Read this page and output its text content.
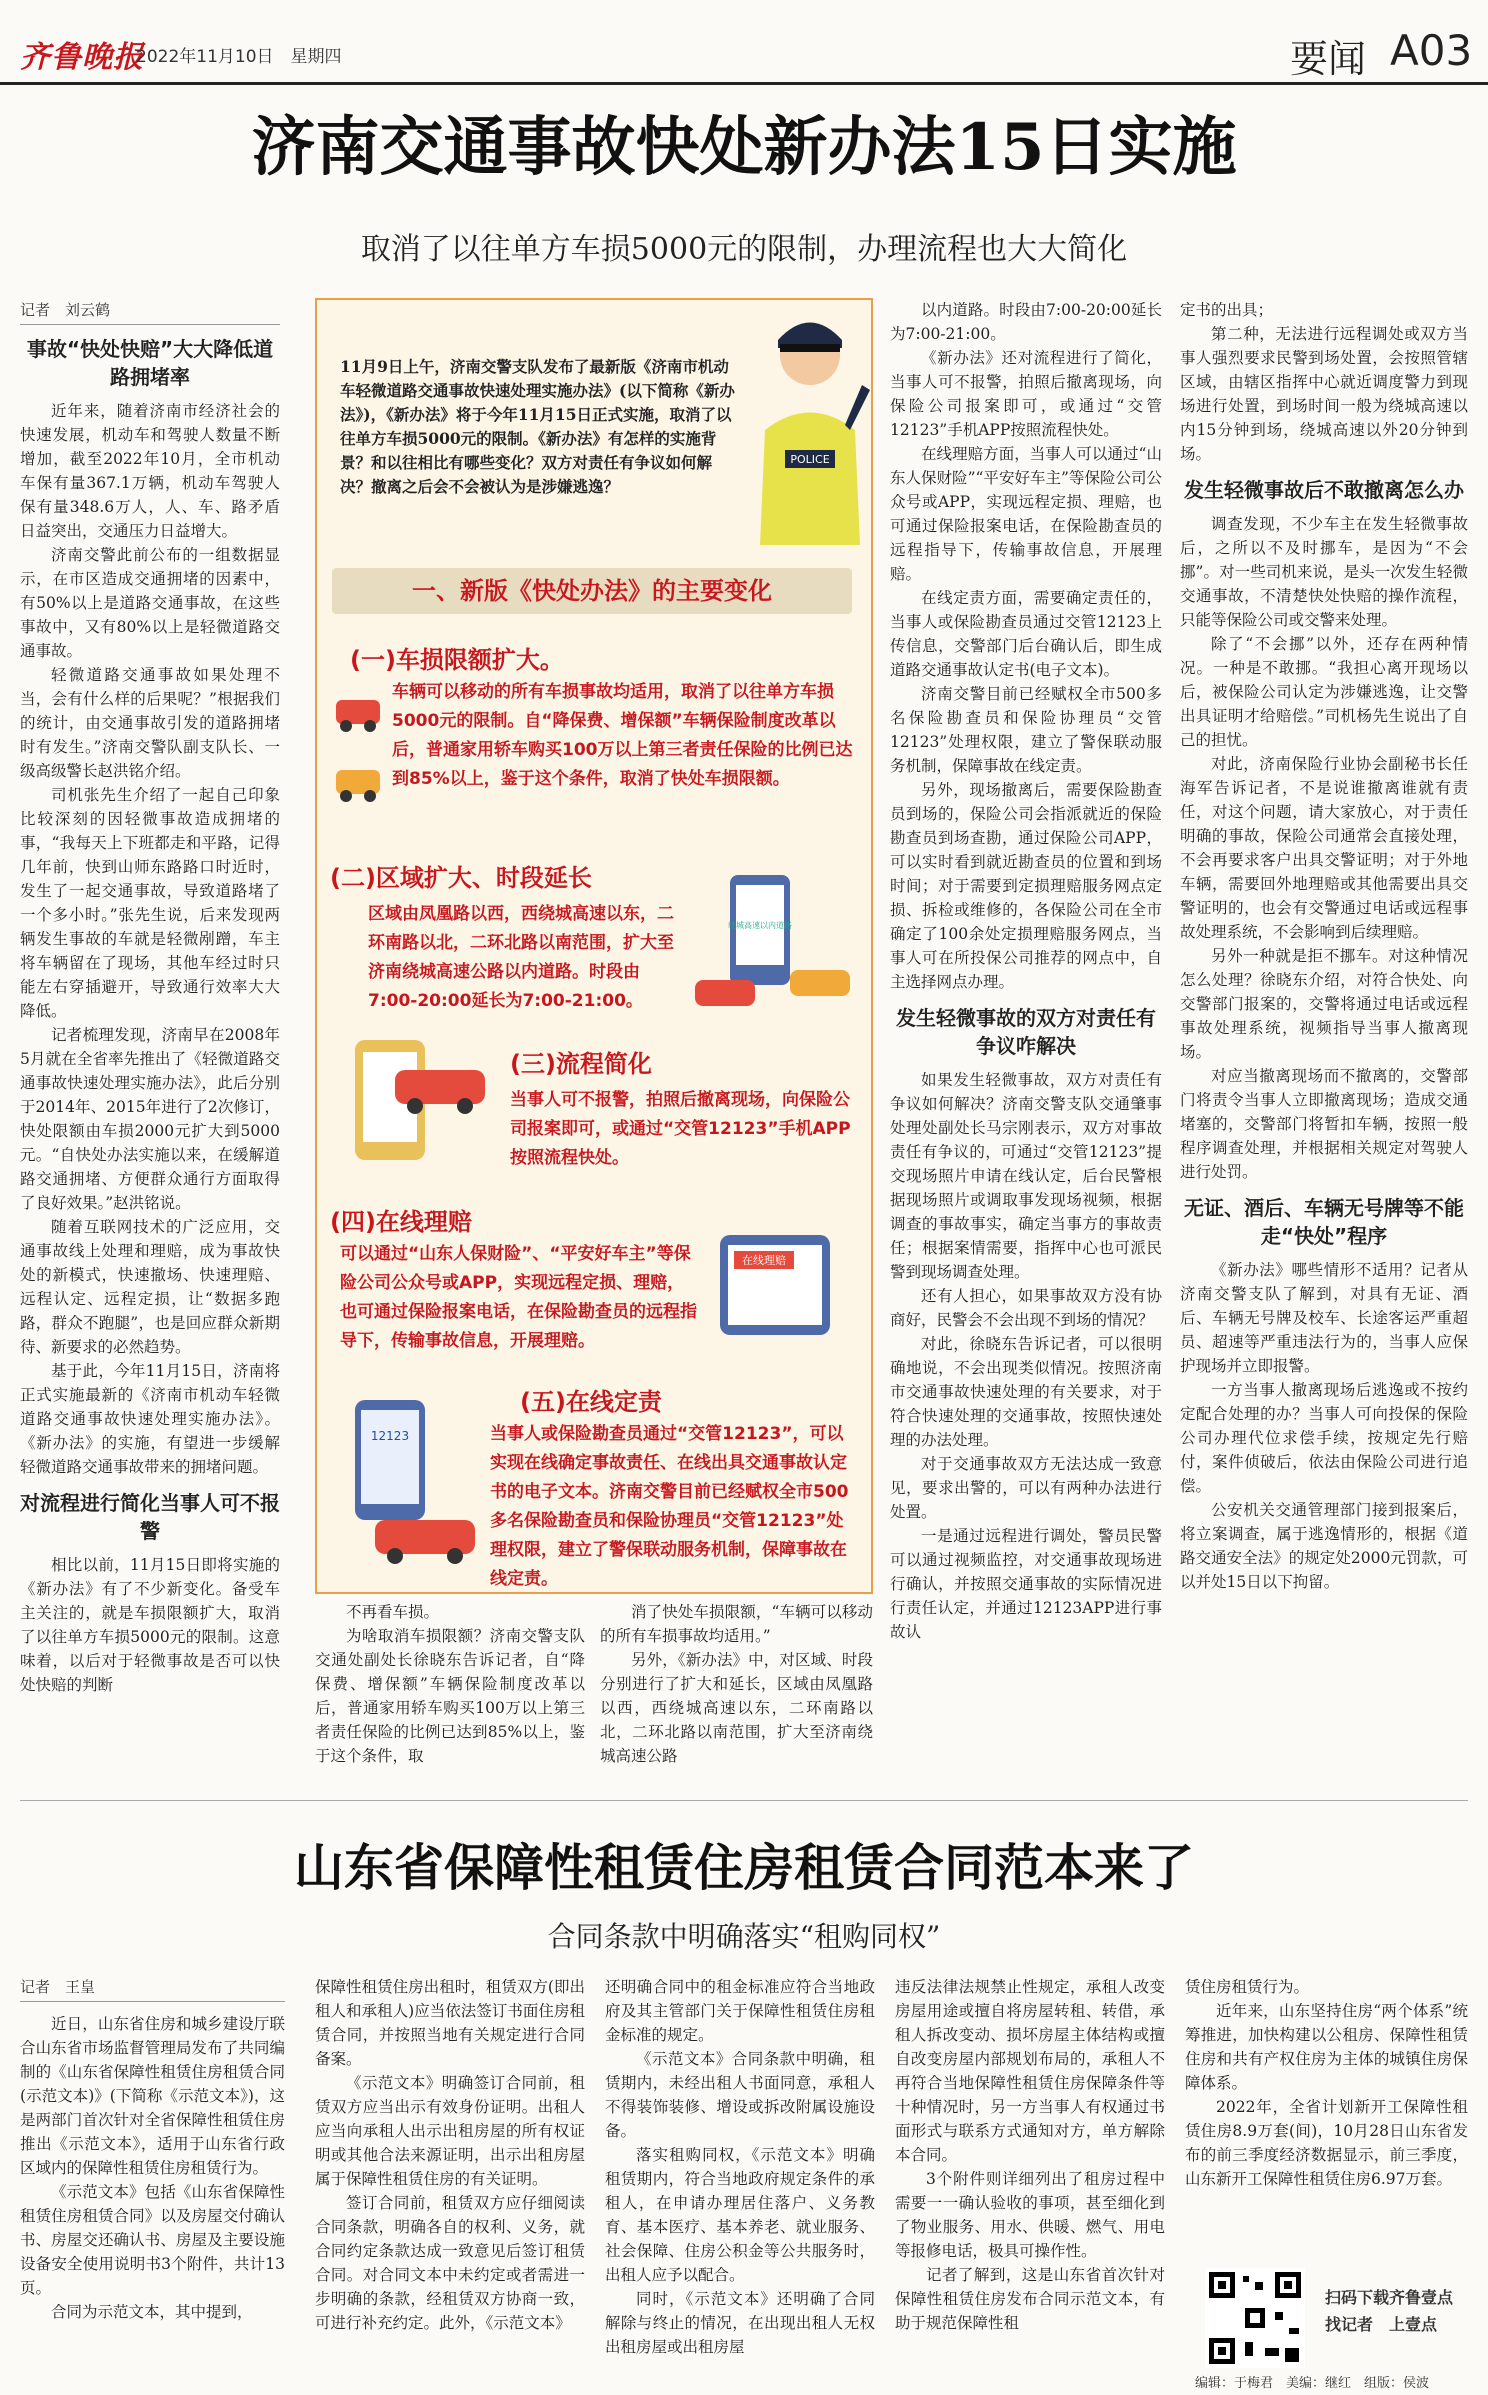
齐鲁晚报
2022年11月10日　星期四	要闻 A03
济南交通事故快处新办法15日实施
取消了以往单方车损5000元的限制，办理流程也大大简化
记者　刘云鹤
事故“快处快赔”大大降低道路拥堵率

近年来，随着济南市经济社会的快速发展，机动车和驾驶人数量不断增加，截至2022年10月，全市机动车保有量367.1万辆，机动车驾驶人保有量348.6万人，人、车、路矛盾日益突出，交通压力日益增大。

济南交警此前公布的一组数据显示，在市区造成交通拥堵的因素中，有50%以上是道路交通事故，在这些事故中，又有80%以上是轻微道路交通事故。

轻微道路交通事故如果处理不当，会有什么样的后果呢？”根据我们的统计，由交通事故引发的道路拥堵时有发生。”济南交警队副支队长、一级高级警长赵洪铭介绍。

司机张先生介绍了一起自己印象比较深刻的因轻微事故造成拥堵的事，“我每天上下班都走和平路，记得几年前，快到山师东路路口时近时，发生了一起交通事故，导致道路堵了一个多小时。”张先生说，后来发现两辆发生事故的车就是轻微剐蹭，车主将车辆留在了现场，其他车经过时只能左右穿插避开，导致通行效率大大降低。

记者梳理发现，济南早在2008年5月就在全省率先推出了《轻微道路交通事故快速处理实施办法》，此后分别于2014年、2015年进行了2次修订，快处限额由车损2000元扩大到5000元。“自快处办法实施以来，在缓解道路交通拥堵、方便群众通行方面取得了良好效果。”赵洪铭说。

随着互联网技术的广泛应用，交通事故线上处理和理赔，成为事故快处的新模式，快速撤场、快速理赔、远程认定、远程定损，让“数据多跑路，群众不跑腿”，也是回应群众新期待、新要求的必然趋势。

基于此，今年11月15日，济南将正式实施最新的《济南市机动车轻微道路交通事故快速处理实施办法》。《新办法》的实施，有望进一步缓解轻微道路交通事故带来的拥堵问题。

对流程进行简化当事人可不报警

相比以前，11月15日即将实施的《新办法》有了不少新变化。备受车主关注的，就是车损限额扩大，取消了以往单方车损5000元的限制。这意味着，以后对于轻微事故是否可以快处快赔的判断

11月9日上午，济南交警支队发布了最新版《济南市机动车轻微道路交通事故快速处理实施办法》(以下简称《新办法》)，《新办法》将于今年11月15日正式实施，取消了以往单方车损5000元的限制。《新办法》有怎样的实施背景？和以往相比有哪些变化？双方对责任有争议如何解决？撤离之后会不会被认为是涉嫌逃逸？
POLICE
一、新版《快处办法》的主要变化
(一)车损限额扩大。
车辆可以移动的所有车损事故均适用，取消了以往单方车损5000元的限制。自“降保费、增保额”车辆保险制度改革以后，普通家用轿车购买100万以上第三者责任保险的比例已达到85%以上，鉴于这个条件，取消了快处车损限额。
(二)区域扩大、时段延长
区域由凤凰路以西，西绕城高速以东，二环南路以北，二环北路以南范围，扩大至济南绕城高速公路以内道路。时段由7:00-20:00延长为7:00-21:00。
绕城高速以内道路
(三)流程简化
当事人可不报警，拍照后撤离现场，向保险公司报案即可，或通过“交管12123”手机APP按照流程快处。
(四)在线理赔
可以通过“山东人保财险”、“平安好车主”等保险公司公众号或APP，实现远程定损、理赔，也可通过保险报案电话，在保险勘查员的远程指导下，传输事故信息，开展理赔。
在线理赔
(五)在线定责
当事人或保险勘查员通过“交管12123”，可以实现在线确定事故责任、在线出具交通事故认定书的电子文本。济南交警目前已经赋权全市500多名保险勘查员和保险协理员“交管12123”处理权限，建立了警保联动服务机制，保障事故在线定责。
12123

不再看车损。

为啥取消车损限额？济南交警支队交通处副处长徐晓东告诉记者，自“降保费、增保额”车辆保险制度改革以后，普通家用轿车购买100万以上第三者责任保险的比例已达到85%以上，鉴于这个条件，取

消了快处车损限额，“车辆可以移动的所有车损事故均适用。”

另外，《新办法》中，对区域、时段分别进行了扩大和延长，区域由凤凰路以西，西绕城高速以东，二环南路以北，二环北路以南范围，扩大至济南绕城高速公路

以内道路。时段由7:00-20:00延长为7:00-21:00。

《新办法》还对流程进行了简化，当事人可不报警，拍照后撤离现场，向保险公司报案即可，或通过“交管12123”手机APP按照流程快处。

在线理赔方面，当事人可以通过“山东人保财险”“平安好车主”等保险公司公众号或APP，实现远程定损、理赔，也可通过保险报案电话，在保险勘查员的远程指导下，传输事故信息，开展理赔。

在线定责方面，需要确定责任的，当事人或保险勘查员通过交管12123上传信息，交警部门后台确认后，即生成道路交通事故认定书(电子文本)。

济南交警目前已经赋权全市500多名保险勘查员和保险协理员“交管12123”处理权限，建立了警保联动服务机制，保障事故在线定责。

另外，现场撤离后，需要保险勘查员到场的，保险公司会指派就近的保险勘查员到场查勘，通过保险公司APP，可以实时看到就近勘查员的位置和到场时间；对于需要到定损理赔服务网点定损、拆检或维修的，各保险公司在全市确定了100余处定损理赔服务网点，当事人可在所投保公司推荐的网点中，自主选择网点办理。

发生轻微事故的双方对责任有争议咋解决

如果发生轻微事故，双方对责任有争议如何解决？济南交警支队交通肇事处理处副处长马宗刚表示，双方对事故责任有争议的，可通过“交管12123”提交现场照片申请在线认定，后台民警根据现场照片或调取事发现场视频，根据调查的事故事实，确定当事方的事故责任；根据案情需要，指挥中心也可派民警到现场调查处理。

还有人担心，如果事故双方没有协商好，民警会不会出现不到场的情况？

对此，徐晓东告诉记者，可以很明确地说，不会出现类似情况。按照济南市交通事故快速处理的有关要求，对于符合快速处理的交通事故，按照快速处理的办法处理。

对于交通事故双方无法达成一致意见，要求出警的，可以有两种办法进行处置。

一是通过远程进行调处，警员民警可以通过视频监控，对交通事故现场进行确认，并按照交通事故的实际情况进行责任认定，并通过12123APP进行事故认

定书的出具；

第二种，无法进行远程调处或双方当事人强烈要求民警到场处置，会按照管辖区域，由辖区指挥中心就近调度警力到现场进行处置，到场时间一般为绕城高速以内15分钟到场，绕城高速以外20分钟到场。

发生轻微事故后不敢撤离怎么办

调查发现，不少车主在发生轻微事故后，之所以不及时挪车，是因为“不会挪”。对一些司机来说，是头一次发生轻微交通事故，不清楚快处快赔的操作流程，只能等保险公司或交警来处理。

除了“不会挪”以外，还存在两种情况。一种是不敢挪。“我担心离开现场以后，被保险公司认定为涉嫌逃逸，让交警出具证明才给赔偿。”司机杨先生说出了自己的担忧。

对此，济南保险行业协会副秘书长任海军告诉记者，不是说谁撤离谁就有责任，对这个问题，请大家放心，对于责任明确的事故，保险公司通常会直接处理，不会再要求客户出具交警证明；对于外地车辆，需要回外地理赔或其他需要出具交警证明的，也会有交警通过电话或远程事故处理系统，不会影响到后续理赔。

另外一种就是拒不挪车。对这种情况怎么处理？徐晓东介绍，对符合快处、向交警部门报案的，交警将通过电话或远程事故处理系统，视频指导当事人撤离现场。

对应当撤离现场而不撤离的，交警部门将责令当事人立即撤离现场；造成交通堵塞的，交警部门将暂扣车辆，按照一般程序调查处理，并根据相关规定对驾驶人进行处罚。

无证、酒后、车辆无号牌等不能走“快处”程序

《新办法》哪些情形不适用？记者从济南交警支队了解到，对具有无证、酒后、车辆无号牌及校车、长途客运严重超员、超速等严重违法行为的，当事人应保护现场并立即报警。

一方当事人撤离现场后逃逸或不按约定配合处理的办？当事人可向投保的保险公司办理代位求偿手续，按规定先行赔付，案件侦破后，依法由保险公司进行追偿。

公安机关交通管理部门接到报案后，将立案调查，属于逃逸情形的，根据《道路交通安全法》的规定处2000元罚款，可以并处15日以下拘留。

山东省保障性租赁住房租赁合同范本来了
合同条款中明确落实“租购同权”
记者　王皇

近日，山东省住房和城乡建设厅联合山东省市场监督管理局发布了共同编制的《山东省保障性租赁住房租赁合同(示范文本)》(下简称《示范文本》)，这是两部门首次针对全省保障性租赁住房推出《示范文本》，适用于山东省行政区域内的保障性租赁住房租赁行为。

《示范文本》包括《山东省保障性租赁住房租赁合同》以及房屋交付确认书、房屋交还确认书、房屋及主要设施设备安全使用说明书3个附件，共计13页。

合同为示范文本，其中提到，

保障性租赁住房出租时，租赁双方(即出租人和承租人)应当依法签订书面住房租赁合同，并按照当地有关规定进行合同备案。

《示范文本》明确签订合同前，租赁双方应当出示有效身份证明。出租人应当向承租人出示出租房屋的所有权证明或其他合法来源证明，出示出租房屋属于保障性租赁住房的有关证明。

签订合同前，租赁双方应仔细阅读合同条款，明确各自的权利、义务，就合同约定条款达成一致意见后签订租赁合同。对合同文本中未约定或者需进一步明确的条款，经租赁双方协商一致，可进行补充约定。此外，《示范文本》

还明确合同中的租金标准应符合当地政府及其主管部门关于保障性租赁住房租金标准的规定。

《示范文本》合同条款中明确，租赁期内，未经出租人书面同意，承租人不得装饰装修、增设或拆改附属设施设备。

落实租购同权，《示范文本》明确租赁期内，符合当地政府规定条件的承租人，在申请办理居住落户、义务教育、基本医疗、基本养老、就业服务、社会保障、住房公积金等公共服务时，出租人应予以配合。

同时，《示范文本》还明确了合同解除与终止的情况，在出现出租人无权出租房屋或出租房屋

违反法律法规禁止性规定，承租人改变房屋用途或擅自将房屋转租、转借，承租人拆改变动、损坏房屋主体结构或擅自改变房屋内部规划布局的，承租人不再符合当地保障性租赁住房保障条件等十种情况时，另一方当事人有权通过书面形式与联系方式通知对方，单方解除本合同。

3个附件则详细列出了租房过程中需要一一确认验收的事项，甚至细化到了物业服务、用水、供暖、燃气、用电等报修电话，极具可操作性。

记者了解到，这是山东省首次针对保障性租赁住房发布合同示范文本，有助于规范保障性租

赁住房租赁行为。

近年来，山东坚持住房“两个体系”统筹推进，加快构建以公租房、保障性租赁住房和共有产权住房为主体的城镇住房保障体系。

2022年，全省计划新开工保障性租赁住房8.9万套(间)，10月28日山东省发布的前三季度经济数据显示，前三季度，山东新开工保障性租赁住房6.97万套。

扫码下载齐鲁壹点
找记者　上壹点
编辑：于梅君　美编：继红　组版：侯波
